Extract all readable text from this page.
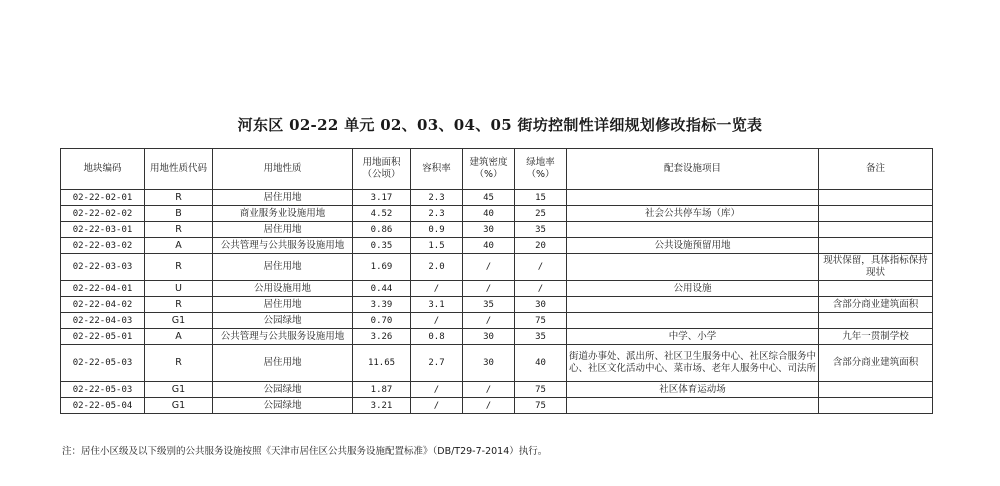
河东区 02-22 单元 02、03、04、05 街坊控制性详细规划修改指标一览表
地块编码	用地性质代码	用地性质	用地面积（公顷）	容积率	建筑密度（%）	绿地率（%）	配套设施项目	备注
02-22-02-01	R	居住用地	3.17	2.3	45	15		
02-22-02-02	B	商业服务业设施用地	4.52	2.3	40	25	社会公共停车场（库）	
02-22-03-01	R	居住用地	0.86	0.9	30	35		
02-22-03-02	A	公共管理与公共服务设施用地	0.35	1.5	40	20	公共设施预留用地	
02-22-03-03	R	居住用地	1.69	2.0	/	/		现状保留，具体指标保持现状
02-22-04-01	U	公用设施用地	0.44	/	/	/	公用设施	
02-22-04-02	R	居住用地	3.39	3.1	35	30		含部分商业建筑面积
02-22-04-03	G1	公园绿地	0.70	/	/	75		
02-22-05-01	A	公共管理与公共服务设施用地	3.26	0.8	30	35	中学、小学	九年一贯制学校
02-22-05-03	R	居住用地	11.65	2.7	30	40	街道办事处、派出所、社区卫生服务中心、社区综合服务中心、社区文化活动中心、菜市场、老年人服务中心、司法所	含部分商业建筑面积
02-22-05-03	G1	公园绿地	1.87	/	/	75	社区体育运动场	
02-22-05-04	G1	公园绿地	3.21	/	/	75		
注：居住小区级及以下级别的公共服务设施按照《天津市居住区公共服务设施配置标准》（DB/T29-7-2014）执行。
